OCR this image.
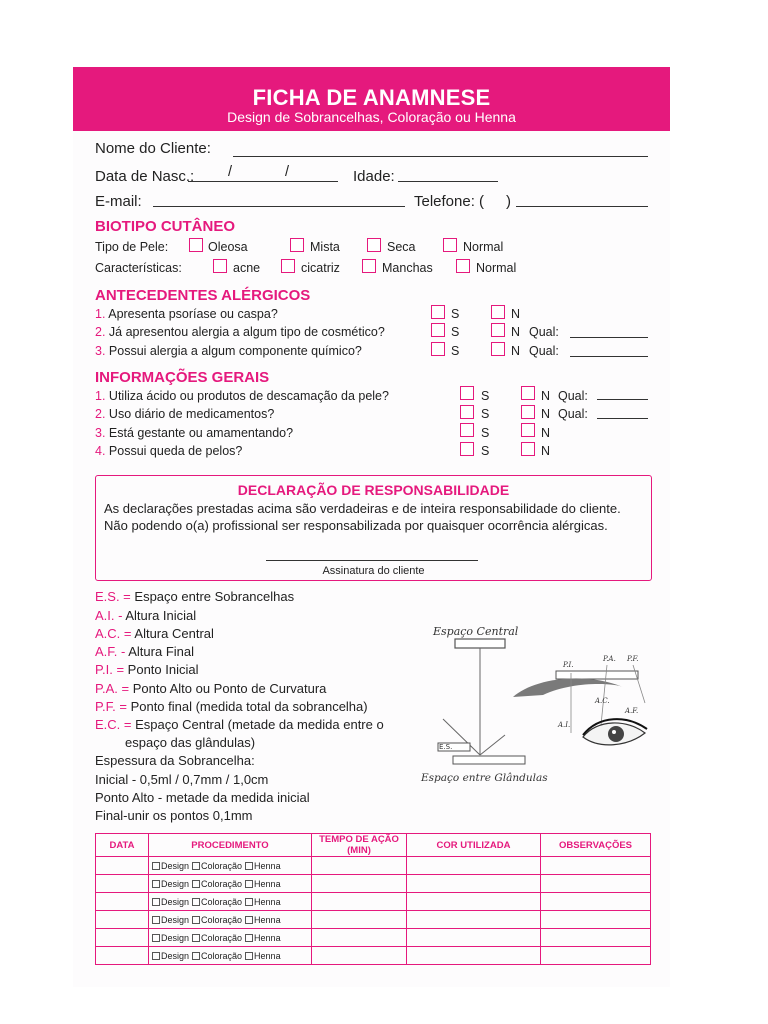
FICHA DE ANAMNESE
Design de Sobrancelhas, Coloração ou Henna
Nome do Cliente:
Data de Nasc.: /	/	Idade:
E-mail:	Telefone: ( )
BIOTIPO CUTÂNEO
Tipo de Pele:	Oleosa	Mista	Seca	Normal
Características:	acne	cicatriz	Manchas	Normal
ANTECEDENTES ALÉRGICOS
1. Apresenta psoríase ou caspa?	S	N
2. Já apresentou alergia a algum tipo de cosmético?	S	N Qual:
3. Possui alergia a algum componente químico?	S	N Qual:
INFORMAÇÕES GERAIS
1. Utiliza ácido ou produtos de descamação da pele?	S	N Qual:
2. Uso diário de medicamentos?	S	N Qual:
3. Está gestante ou amamentando?	S	N
4. Possui queda de pelos?	S	N
DECLARAÇÃO DE RESPONSABILIDADE
As declarações prestadas acima são verdadeiras e de inteira responsabilidade do cliente. Não podendo o(a) profissional ser responsabilizada por quaisquer ocorrência alérgicas.
Assinatura do cliente
E.S. = Espaço entre Sobrancelhas
A.I. - Altura Inicial
A.C. = Altura Central
A.F. - Altura Final
P.I. = Ponto Inicial
P.A. = Ponto Alto ou Ponto de Curvatura
P.F. = Ponto final (medida total da sobrancelha)
E.C. = Espaço Central (metade da medida entre o
espaço das glândulas)
Espessura da Sobrancelha:
Inicial - 0,5ml / 0,7mm / 1,0cm
Ponto Alto - metade da medida inicial
Final-unir os pontos 0,1mm
Espaço Central
E.S.
Espaço entre Glândulas
P.I.
P.A. P.F.
A.C.
A.F.
A.I.
DATA	PROCEDIMENTO	TEMPO DE AÇÃO (MIN)	COR UTILIZADA	OBSERVAÇÕES
	Design Coloração Henna			
	Design Coloração Henna			
	Design Coloração Henna			
	Design Coloração Henna			
	Design Coloração Henna			
	Design Coloração Henna			
